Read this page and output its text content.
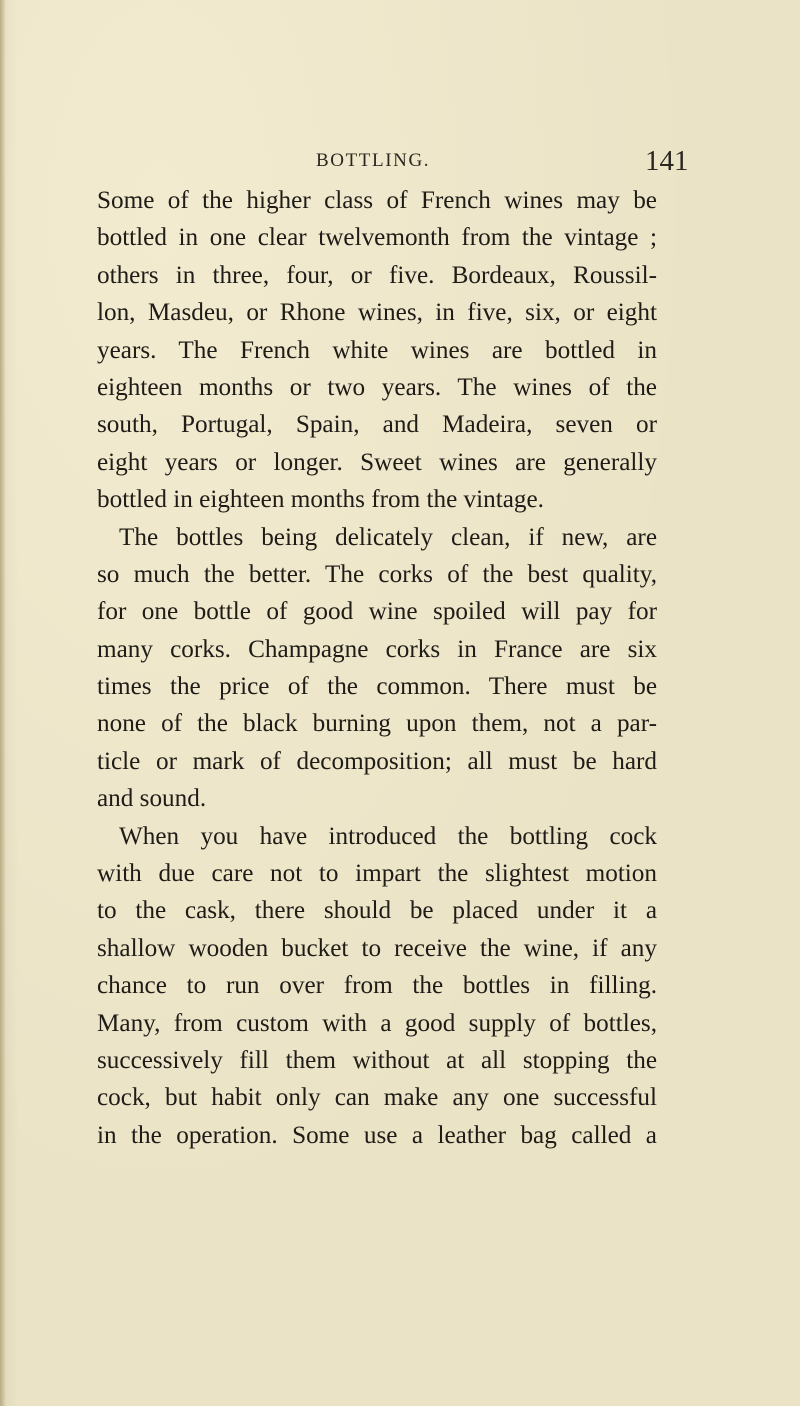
BOTTLING.	141
Some of the higher class of French wines may be
bottled in one clear twelvemonth from the vintage ;
others in three, four, or five. Bordeaux, Roussil-
lon, Masdeu, or Rhone wines, in five, six, or eight
years. The French white wines are bottled in
eighteen months or two years. The wines of the
south, Portugal, Spain, and Madeira, seven or
eight years or longer. Sweet wines are generally
bottled in eighteen months from the vintage.
The bottles being delicately clean, if new, are
so much the better. The corks of the best quality,
for one bottle of good wine spoiled will pay for
many corks. Champagne corks in France are six
times the price of the common. There must be
none of the black burning upon them, not a par-
ticle or mark of decomposition; all must be hard
and sound.
When you have introduced the bottling cock
with due care not to impart the slightest motion
to the cask, there should be placed under it a
shallow wooden bucket to receive the wine, if any
chance to run over from the bottles in filling.
Many, from custom with a good supply of bottles,
successively fill them without at all stopping the
cock, but habit only can make any one successful
in the operation. Some use a leather bag called a
